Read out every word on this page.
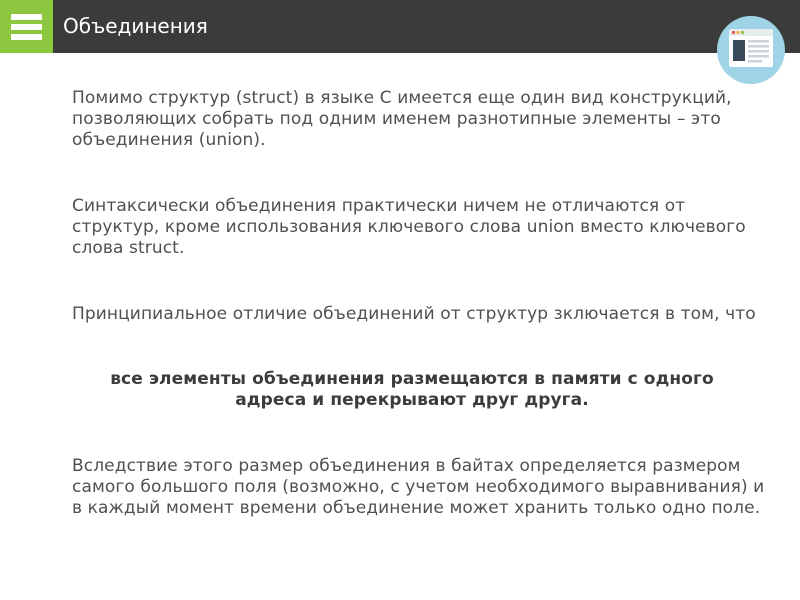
Объединения

Помимо структур (struct) в языке C имеется еще один вид конструкций, позволяющих собрать под одним именем разнотипные элементы – это объединения (union).

Синтаксически объединения практически ничем не отличаются от структур, кроме использования ключевого слова union вместо ключевого слова struct.

Принципиальное отличие объединений от структур зключается в том, что

все элементы объединения размещаются в памяти с одного
адреса и перекрывают друг друга.

Вследствие этого размер объединения в байтах определяется размером самого большого поля (возможно, с учетом необходимого выравнивания) и в каждый момент времени объединение может хранить только одно поле.
